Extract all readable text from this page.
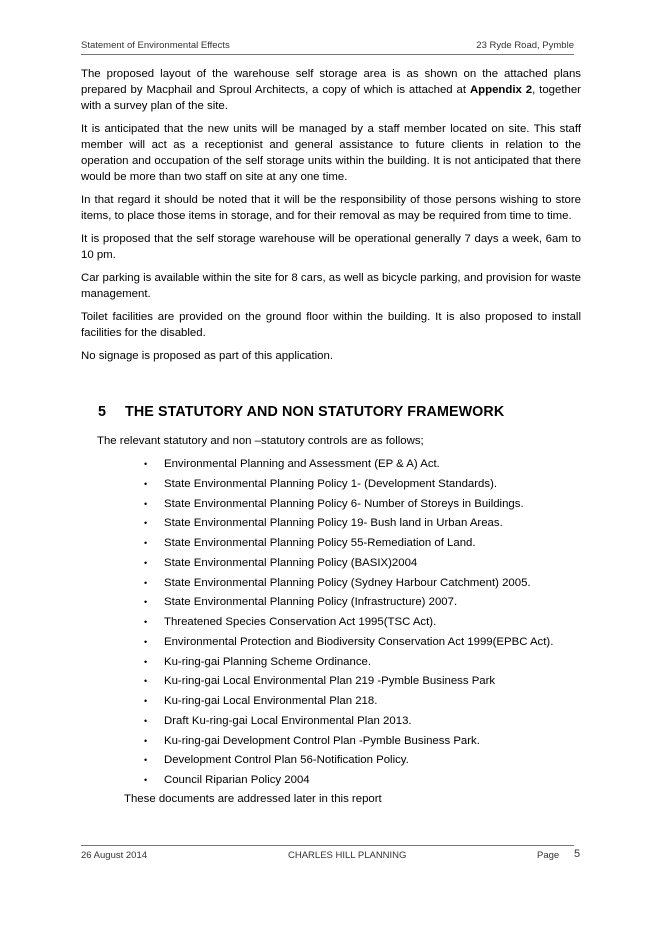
Statement of Environmental Effects	23 Ryde Road, Pymble

The proposed layout of the warehouse self storage area is as shown on the attached plans prepared by Macphail and Sproul Architects, a copy of which is attached at Appendix 2, together with a survey plan of the site.

It is anticipated that the new units will be managed by a staff member located on site. This staff member will act as a receptionist and general assistance to future clients in relation to the operation and occupation of the self storage units within the building. It is not anticipated that there would be more than two staff on site at any one time.

In that regard it should be noted that it will be the responsibility of those persons wishing to store items, to place those items in storage, and for their removal as may be required from time to time.

It is proposed that the self storage warehouse will be operational generally 7 days a week, 6am to 10 pm.

Car parking is available within the site for 8 cars, as well as bicycle parking, and provision for waste management.

Toilet facilities are provided on the ground floor within the building. It is also proposed to install facilities for the disabled.

No signage is proposed as part of this application.

5 THE STATUTORY AND NON STATUTORY FRAMEWORK
The relevant statutory and non –statutory controls are as follows;
• Environmental Planning and Assessment (EP & A) Act.
• State Environmental Planning Policy 1- (Development Standards).
• State Environmental Planning Policy 6- Number of Storeys in Buildings.
• State Environmental Planning Policy 19- Bush land in Urban Areas.
• State Environmental Planning Policy 55-Remediation of Land.
• State Environmental Planning Policy (BASIX)2004
• State Environmental Planning Policy (Sydney Harbour Catchment) 2005.
• State Environmental Planning Policy (Infrastructure) 2007.
• Threatened Species Conservation Act 1995(TSC Act).
• Environmental Protection and Biodiversity Conservation Act 1999(EPBC Act).
• Ku-ring-gai Planning Scheme Ordinance.
• Ku-ring-gai Local Environmental Plan 219 -Pymble Business Park
• Ku-ring-gai Local Environmental Plan 218.
• Draft Ku-ring-gai Local Environmental Plan 2013.
• Ku-ring-gai Development Control Plan -Pymble Business Park.
• Development Control Plan 56-Notification Policy.
• Council Riparian Policy 2004
These documents are addressed later in this report
26 August 2014	CHARLES HILL PLANNING	Page 5
